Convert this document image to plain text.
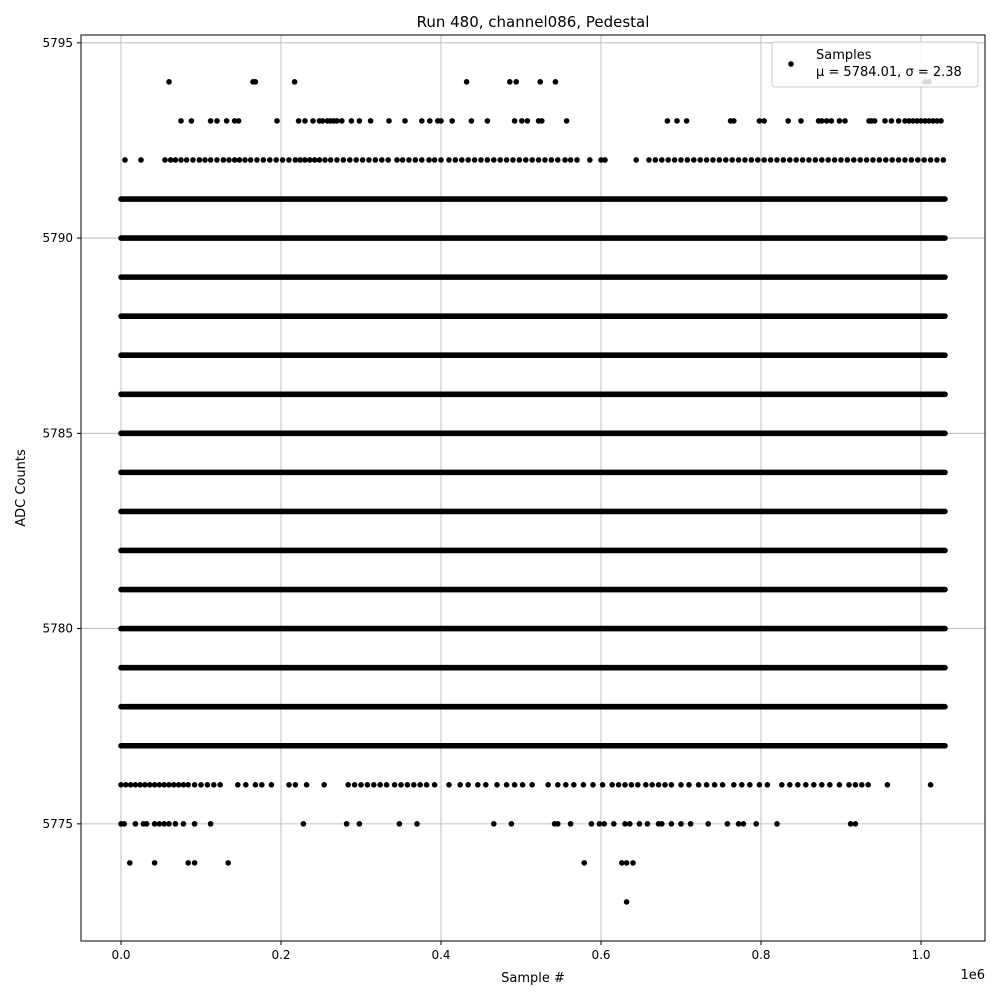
0.0	0.2	0.4	0.6	0.8	1.0
5775
5780
5785
5790
5795
Run 480, channel086, Pedestal
Sample #
ADC Counts
1e6
Samples
μ = 5784.01, σ = 2.38
